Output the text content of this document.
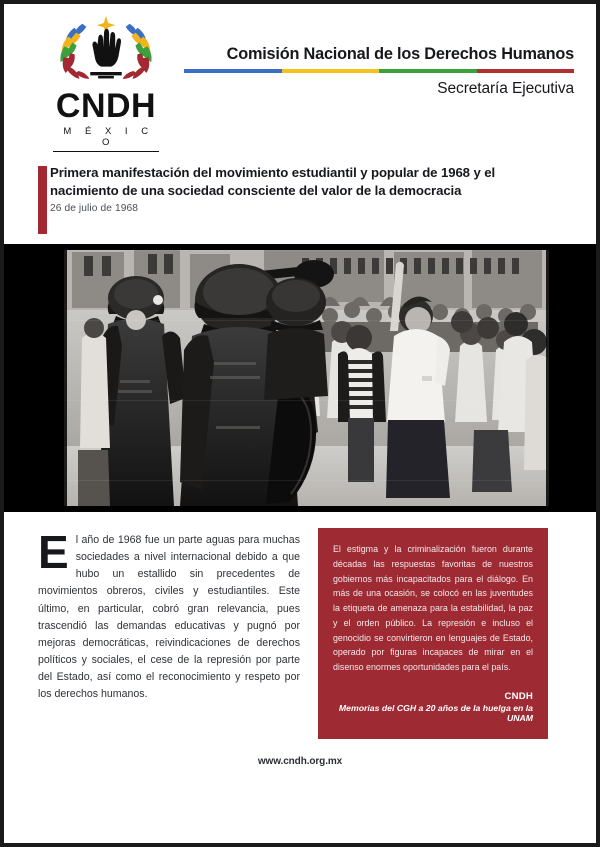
CNDH
M É X I C O
Comisión Nacional de los Derechos Humanos
Secretaría Ejecutiva
Primera manifestación del movimiento estudiantil y popular de 1968 y el nacimiento de una sociedad consciente del valor de la democracia
26 de julio de 1968

El año de 1968 fue un parte aguas para muchas sociedades a nivel internacional debido a que hubo un estallido sin precedentes de movimientos obreros, civiles y estudiantiles. Este último, en particular, cobró gran relevancia, pues trascendió las demandas educativas y pugnó por mejoras democráticas, reivindicaciones de derechos políticos y sociales, el cese de la represión por parte del Estado, así como el reconocimiento y respeto por los derechos humanos.

El estigma y la criminalización fueron durante décadas las respuestas favoritas de nuestros gobiernos más incapacitados para el diálogo. En más de una ocasión, se colocó en las juventudes la etiqueta de amenaza para la estabilidad, la paz y el orden público. La represión e incluso el genocidio se convirtieron en lenguajes de Estado, operado por figuras incapaces de mirar en el disenso enormes oportunidades para el país.
CNDH
Memorias del CGH a 20 años de la huelga en la UNAM
www.cndh.org.mx
